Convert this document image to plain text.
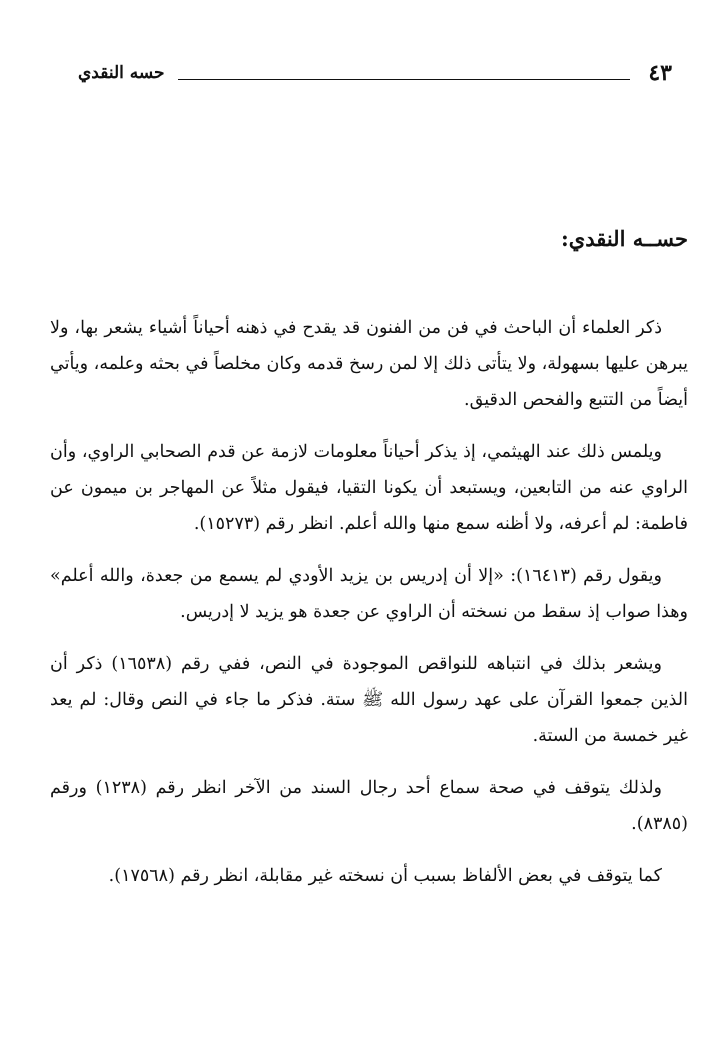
٤٣
حسه النقدي
حســه النقدي:

ذكر العلماء أن الباحث في فن من الفنون قد يقدح في ذهنه أحياناً أشياء يشعر بها، ولا يبرهن عليها بسهولة، ولا يتأتى ذلك إلا لمن رسخ قدمه وكان مخلصاً في بحثه وعلمه، ويأتي أيضاً من التتبع والفحص الدقيق.

ويلمس ذلك عند الهيثمي، إذ يذكر أحياناً معلومات لازمة عن قدم الصحابي الراوي، وأن الراوي عنه من التابعين، ويستبعد أن يكونا التقيا، فيقول مثلاً عن المهاجر بن ميمون عن فاطمة: لم أعرفه، ولا أظنه سمع منها والله أعلم. انظر رقم (١٥٢٧٣).

ويقول رقم (١٦٤١٣): «إلا أن إدريس بن يزيد الأودي لم يسمع من جعدة، والله أعلم» وهذا صواب إذ سقط من نسخته أن الراوي عن جعدة هو يزيد لا إدريس.

ويشعر بذلك في انتباهه للنواقص الموجودة في النص، ففي رقم (١٦٥٣٨) ذكر أن الذين جمعوا القرآن على عهد رسول الله ﷺ ستة. فذكر ما جاء في النص وقال: لم يعد غير خمسة من الستة.

ولذلك يتوقف في صحة سماع أحد رجال السند من الآخر انظر رقم (١٢٣٨) ورقم (٨٣٨٥).

كما يتوقف في بعض الألفاظ بسبب أن نسخته غير مقابلة، انظر رقم (١٧٥٦٨).
